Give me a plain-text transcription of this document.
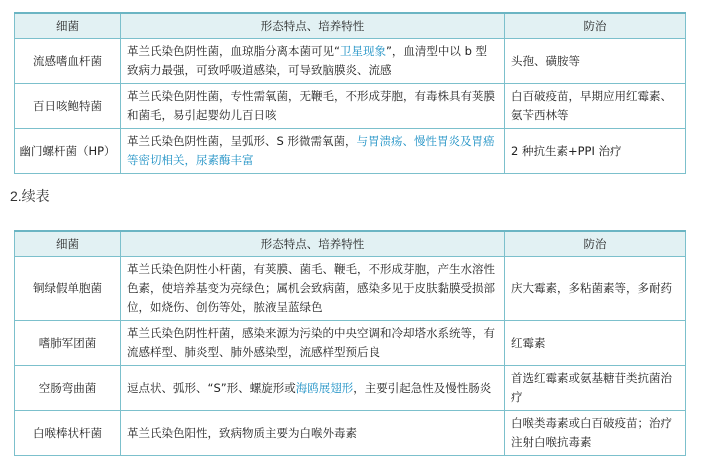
细菌	形态特点、培养特性	防治
流感嗜血杆菌	革兰氏染色阴性菌，血琼脂分离本菌可见“卫星现象”，血清型中以 b 型致病力最强，可致呼吸道感染，可导致脑膜炎、流感	头孢、磺胺等
百日咳鲍特菌	革兰氏染色阴性菌，专性需氧菌，无鞭毛，不形成芽胞，有毒株具有荚膜和菌毛，易引起婴幼儿百日咳	白百破疫苗，早期应用红霉素、氨苄西林等
幽门螺杆菌（HP）	革兰氏染色阴性菌，呈弧形、S 形微需氧菌，与胃溃疡、慢性胃炎及胃癌等密切相关，尿素酶丰富	2 种抗生素+PPI 治疗
2.续表
细菌	形态特点、培养特性	防治
铜绿假单胞菌	革兰氏染色阴性小杆菌，有荚膜、菌毛、鞭毛，不形成芽胞，产生水溶性色素，使培养基变为亮绿色；属机会致病菌，感染多见于皮肤黏膜受损部位，如烧伤、创伤等处，脓液呈蓝绿色	庆大霉素，多粘菌素等，多耐药
嗜肺军团菌	革兰氏染色阴性杆菌，感染来源为污染的中央空调和冷却塔水系统等，有流感样型、肺炎型、肺外感染型，流感样型预后良	红霉素
空肠弯曲菌	逗点状、弧形、“S”形、螺旋形或海鸥展翅形，主要引起急性及慢性肠炎	首选红霉素或氨基糖苷类抗菌治疗
白喉棒状杆菌	革兰氏染色阳性，致病物质主要为白喉外毒素	白喉类毒素或白百破疫苗；治疗注射白喉抗毒素
